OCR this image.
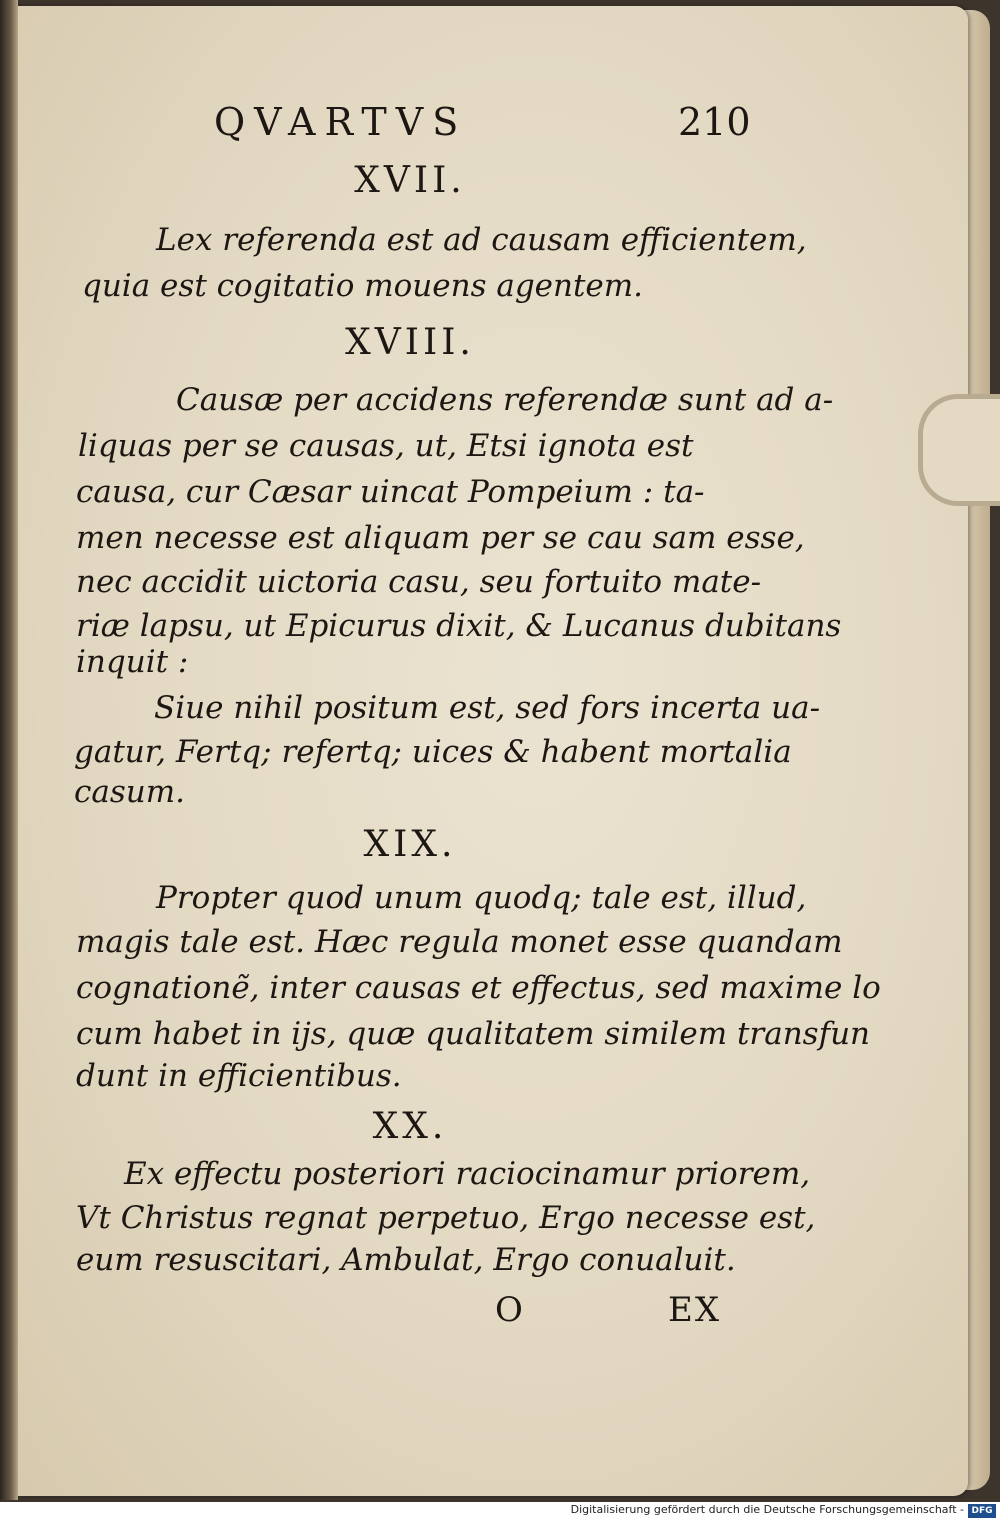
QVARTVS	210
XVII.
Lex referenda est ad causam efficientem,
quia est cogitatio mouens agentem.
XVIII.
Causæ per accidens referendæ sunt ad a-
liquas per se causas, ut, Etsi ignota est
causa, cur Cæsar uincat Pompeium : ta-
men necesse est aliquam per se cau sam esse,
nec accidit uictoria casu, seu fortuito mate-
riæ lapsu, ut Epicurus dixit, & Lucanus dubitans
inquit :
Siue nihil positum est, sed fors incerta ua-
gatur, Fertq; refertq; uices & habent mortalia
casum.
XIX.
Propter quod unum quodq; tale est, illud,
magis tale est. Hæc regula monet esse quandam
cognationẽ, inter causas et effectus, sed maxime lo
cum habet in ijs, quæ qualitatem similem transfun
dunt in efficientibus.
XX.
Ex effectu posteriori raciocinamur priorem,
Vt Christus regnat perpetuo, Ergo necesse est,
eum resuscitari, Ambulat, Ergo conualuit.
O	EX
Digitalisierung gefördert durch die Deutsche Forschungsgemeinschaft - DFG
